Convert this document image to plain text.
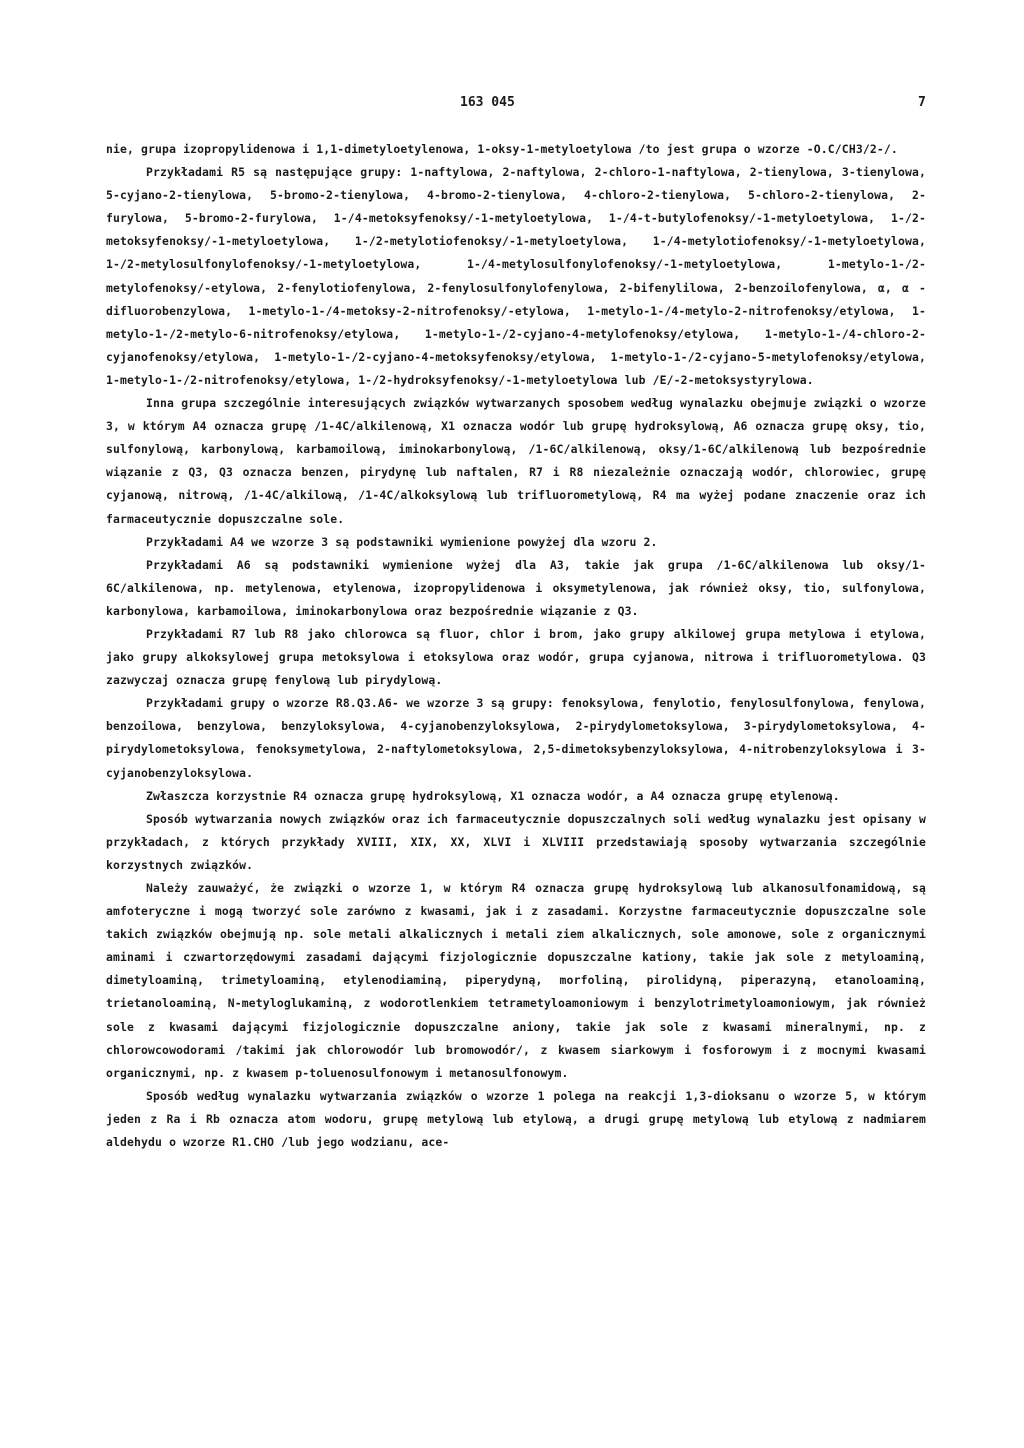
163 045	7

nie, grupa izopropylidenowa i 1,1-dimetyloetylenowa, 1-oksy-1-metyloetylowa /to jest grupa o wzorze -O.C/CH3/2-/.

Przykładami R5 są następujące grupy: 1-naftylowa, 2-naftylowa, 2-chloro-1-naftylowa, 2-tienylowa, 3-tienylowa, 5-cyjano-2-tienylowa, 5-bromo-2-tienylowa, 4-bromo-2-tienylowa, 4-chloro-2-tienylowa, 5-chloro-2-tienylowa, 2-furylowa, 5-bromo-2-furylowa, 1-/4-metoksyfenoksy/-1-metyloetylowa, 1-/4-t-butylofenoksy/-1-metyloetylowa, 1-/2-metoksyfenoksy/-1-metyloetylowa, 1-/2-metylotiofenoksy/-1-metyloetylowa, 1-/4-metylotiofenoksy/-1-metyloetylowa, 1-/2-metylosulfonylofenoksy/-1-metyloetylowa, 1-/4-metylosulfonylofenoksy/-1-metyloetylowa, 1-metylo-1-/2-metylofenoksy/-etylowa, 2-fenylotiofenylowa, 2-fenylosulfonylofenylowa, 2-bifenylilowa, 2-benzoilofenylowa, α, α -difluorobenzylowa, 1-metylo-1-/4-metoksy-2-nitrofenoksy/-etylowa, 1-metylo-1-/4-metylo-2-nitrofenoksy/etylowa, 1-metylo-1-/2-metylo-6-nitrofenoksy/etylowa, 1-metylo-1-/2-cyjano-4-metylofenoksy/etylowa, 1-metylo-1-/4-chloro-2-cyjanofenoksy/etylowa, 1-metylo-1-/2-cyjano-4-metoksyfenoksy/etylowa, 1-metylo-1-/2-cyjano-5-metylofenoksy/etylowa, 1-metylo-1-/2-nitrofenoksy/etylowa, 1-/2-hydroksyfenoksy/-1-metyloetylowa lub /E/-2-metoksystyrylowa.

Inna grupa szczególnie interesujących związków wytwarzanych sposobem według wynalazku obejmuje związki o wzorze 3, w którym A4 oznacza grupę /1-4C/alkilenową, X1 oznacza wodór lub grupę hydroksylową, A6 oznacza grupę oksy, tio, sulfonylową, karbonylową, karbamoilową, iminokarbonylową, /1-6C/alkilenową, oksy/1-6C/alkilenową lub bezpośrednie wiązanie z Q3, Q3 oznacza benzen, pirydynę lub naftalen, R7 i R8 niezależnie oznaczają wodór, chlorowiec, grupę cyjanową, nitrową, /1-4C/alkilową, /1-4C/alkoksylową lub trifluorometylową, R4 ma wyżej podane znaczenie oraz ich farmaceutycznie dopuszczalne sole.

Przykładami A4 we wzorze 3 są podstawniki wymienione powyżej dla wzoru 2.

Przykładami A6 są podstawniki wymienione wyżej dla A3, takie jak grupa /1-6C/alkilenowa lub oksy/1-6C/alkilenowa, np. metylenowa, etylenowa, izopropylidenowa i oksymetylenowa, jak również oksy, tio, sulfonylowa, karbonylowa, karbamoilowa, iminokarbonylowa oraz bezpośrednie wiązanie z Q3.

Przykładami R7 lub R8 jako chlorowca są fluor, chlor i brom, jako grupy alkilowej grupa metylowa i etylowa, jako grupy alkoksylowej grupa metoksylowa i etoksylowa oraz wodór, grupa cyjanowa, nitrowa i trifluorometylowa. Q3 zazwyczaj oznacza grupę fenylową lub pirydylową.

Przykładami grupy o wzorze R8.Q3.A6- we wzorze 3 są grupy: fenoksylowa, fenylotio, fenylosulfonylowa, fenylowa, benzoilowa, benzylowa, benzyloksylowa, 4-cyjanobenzyloksylowa, 2-pirydylometoksylowa, 3-pirydylometoksylowa, 4-pirydylometoksylowa, fenoksymetylowa, 2-naftylometoksylowa, 2,5-dimetoksybenzyloksylowa, 4-nitrobenzyloksylowa i 3-cyjanobenzyloksylowa.

Zwłaszcza korzystnie R4 oznacza grupę hydroksylową, X1 oznacza wodór, a A4 oznacza grupę etylenową.

Sposób wytwarzania nowych związków oraz ich farmaceutycznie dopuszczalnych soli według wynalazku jest opisany w przykładach, z których przykłady XVIII, XIX, XX, XLVI i XLVIII przedstawiają sposoby wytwarzania szczególnie korzystnych związków.

Należy zauważyć, że związki o wzorze 1, w którym R4 oznacza grupę hydroksylową lub alkanosulfonamidową, są amfoteryczne i mogą tworzyć sole zarówno z kwasami, jak i z zasadami. Korzystne farmaceutycznie dopuszczalne sole takich związków obejmują np. sole metali alkalicznych i metali ziem alkalicznych, sole amonowe, sole z organicznymi aminami i czwartorzędowymi zasadami dającymi fizjologicznie dopuszczalne kationy, takie jak sole z metyloaminą, dimetyloaminą, trimetyloaminą, etylenodiaminą, piperydyną, morfoliną, pirolidyną, piperazyną, etanoloaminą, trietanoloaminą, N-metyloglukaminą, z wodorotlenkiem tetrametyloamoniowym i benzylotrimetyloamoniowym, jak również sole z kwasami dającymi fizjologicznie dopuszczalne aniony, takie jak sole z kwasami mineralnymi, np. z chlorowcowodorami /takimi jak chlorowodór lub bromowodór/, z kwasem siarkowym i fosforowym i z mocnymi kwasami organicznymi, np. z kwasem p-toluenosulfonowym i metanosulfonowym.

Sposób według wynalazku wytwarzania związków o wzorze 1 polega na reakcji 1,3-dioksanu o wzorze 5, w którym jeden z Ra i Rb oznacza atom wodoru, grupę metylową lub etylową, a drugi grupę metylową lub etylową z nadmiarem aldehydu o wzorze R1.CHO /lub jego wodzianu, ace-
